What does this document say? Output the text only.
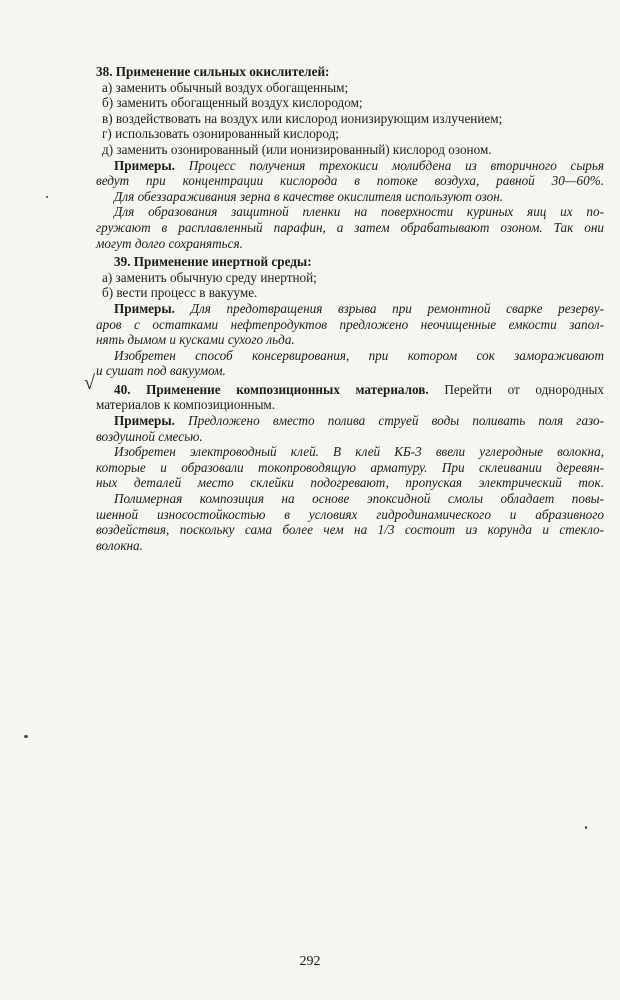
√
38. Применение сильных окислителей:
а) заменить обычный воздух обогащенным;
б) заменить обогащенный воздух кислородом;
в) воздействовать на воздух или кислород ионизирующим излучением;
г) использовать озонированный кислород;
д) заменить озонированный (или ионизированный) кислород озоном.
Примеры. Процесс получения трехокиси молибдена из вторичного сырья
ведут при концентрации кислорода в потоке воздуха, равной 30—60%.
Для обеззараживания зерна в качестве окислителя используют озон.
Для образования защитной пленки на поверхности куриных яиц их по-
гружают в расплавленный парафин, а затем обрабатывают озоном. Так они
могут долго сохраняться.
39. Применение инертной среды:
а) заменить обычную среду инертной;
б) вести процесс в вакууме.
Примеры. Для предотвращения взрыва при ремонтной сварке резерву-
аров с остатками нефтепродуктов предложено неочищенные емкости запол-
нять дымом и кусками сухого льда.
Изобретен способ консервирования, при котором сок замораживают
и сушат под вакуумом.
40. Применение композиционных материалов. Перейти от однородных
материалов к композиционным.
Примеры. Предложено вместо полива струей воды поливать поля газо-
воздушной смесью.
Изобретен электроводный клей. В клей КБ-3 ввели углеродные волокна,
которые и образовали токопроводящую арматуру. При склеивании деревян-
ных деталей место склейки подогревают, пропуская электрический ток.
Полимерная композиция на основе эпоксидной смолы обладает повы-
шенной износостойкостью в условиях гидродинамического и абразивного
воздействия, поскольку сама более чем на 1/3 состоит из корунда и стекло-
волокна.
292
